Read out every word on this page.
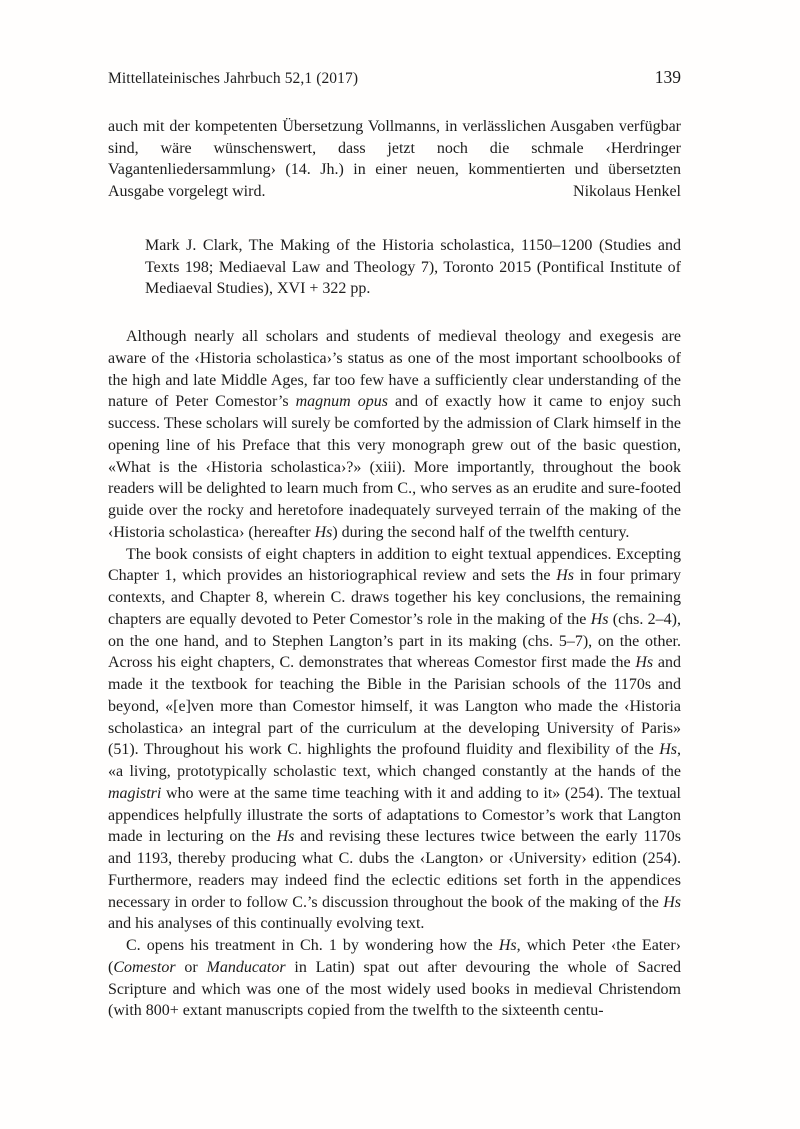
Mittellateinisches Jahrbuch 52,1 (2017)	139

auch mit der kompetenten Übersetzung Vollmanns, in verlässlichen Ausgaben verfügbar sind, wäre wünschenswert, dass jetzt noch die schmale ‹Herdringer Vagantenliedersammlung› (14. Jh.) in einer neuen, kommentierten und übersetzten Ausgabe vorgelegt wird.	Nikolaus Henkel

Mark J. Clark, The Making of the Historia scholastica, 1150–1200 (Studies and Texts 198; Mediaeval Law and Theology 7), Toronto 2015 (Pontifical Institute of Mediaeval Studies), XVI + 322 pp.

Although nearly all scholars and students of medieval theology and exegesis are aware of the ‹Historia scholastica›’s status as one of the most important schoolbooks of the high and late Middle Ages, far too few have a sufficiently clear understanding of the nature of Peter Comestor’s magnum opus and of exactly how it came to enjoy such success. These scholars will surely be comforted by the admission of Clark himself in the opening line of his Preface that this very monograph grew out of the basic question, «What is the ‹Historia scholastica›?» (xiii). More importantly, throughout the book readers will be delighted to learn much from C., who serves as an erudite and sure-footed guide over the rocky and heretofore inadequately surveyed terrain of the making of the ‹Historia scholastica› (hereafter Hs) during the second half of the twelfth century.

The book consists of eight chapters in addition to eight textual appendices. Excepting Chapter 1, which provides an historiographical review and sets the Hs in four primary contexts, and Chapter 8, wherein C. draws together his key conclusions, the remaining chapters are equally devoted to Peter Comestor’s role in the making of the Hs (chs. 2–4), on the one hand, and to Stephen Langton’s part in its making (chs. 5–7), on the other. Across his eight chapters, C. demonstrates that whereas Comestor first made the Hs and made it the textbook for teaching the Bible in the Parisian schools of the 1170s and beyond, «[e]ven more than Comestor himself, it was Langton who made the ‹Historia scholastica› an integral part of the curriculum at the developing University of Paris» (51). Throughout his work C. highlights the profound fluidity and flexibility of the Hs, «a living, prototypically scholastic text, which changed constantly at the hands of the magistri who were at the same time teaching with it and adding to it» (254). The textual appendices helpfully illustrate the sorts of adaptations to Comestor’s work that Langton made in lecturing on the Hs and revising these lectures twice between the early 1170s and 1193, thereby producing what C. dubs the ‹Langton› or ‹University› edition (254). Furthermore, readers may indeed find the eclectic editions set forth in the appendices necessary in order to follow C.’s discussion throughout the book of the making of the Hs and his analyses of this continually evolving text.

C. opens his treatment in Ch. 1 by wondering how the Hs, which Peter ‹the Eater› (Comestor or Manducator in Latin) spat out after devouring the whole of Sacred Scripture and which was one of the most widely used books in medieval Christendom (with 800+ extant manuscripts copied from the twelfth to the sixteenth centu-
